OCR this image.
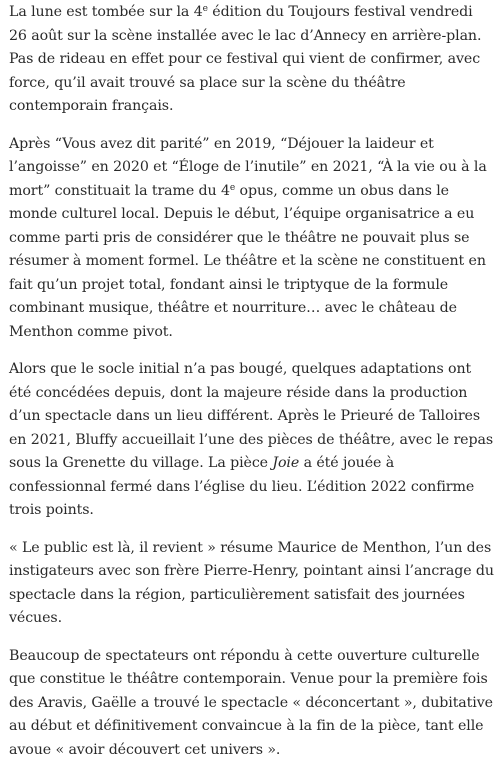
La lune est tombée sur la 4e édition du Toujours festival vendredi 26 août sur la scène installée avec le lac d’Annecy en arrière-plan. Pas de rideau en effet pour ce festival qui vient de confirmer, avec force, qu’il avait trouvé sa place sur la scène du théâtre contemporain français.

Après “Vous avez dit parité” en 2019, “Déjouer la laideur et l’angoisse” en 2020 et “Éloge de l’inutile” en 2021, “À la vie ou à la mort” constituait la trame du 4e opus, comme un obus dans le monde culturel local. Depuis le début, l’équipe organisatrice a eu comme parti pris de considérer que le théâtre ne pouvait plus se résumer à moment formel. Le théâtre et la scène ne constituent en fait qu’un projet total, fondant ainsi le triptyque de la formule combinant musique, théâtre et nourriture… avec le château de Menthon comme pivot.

Alors que le socle initial n’a pas bougé, quelques adaptations ont été concédées depuis, dont la majeure réside dans la production d’un spectacle dans un lieu différent. Après le Prieuré de Talloires en 2021, Bluffy accueillait l’une des pièces de théâtre, avec le repas sous la Grenette du village. La pièce Joie a été jouée à confessionnal fermé dans l’église du lieu. L’édition 2022 confirme trois points.

« Le public est là, il revient » résume Maurice de Menthon, l’un des instigateurs avec son frère Pierre-Henry, pointant ainsi l’ancrage du spectacle dans la région, particulièrement satisfait des journées vécues.

Beaucoup de spectateurs ont répondu à cette ouverture culturelle que constitue le théâtre contemporain. Venue pour la première fois des Aravis, Gaëlle a trouvé le spectacle « déconcertant », dubitative au début et définitivement convaincue à la fin de la pièce, tant elle avoue « avoir découvert cet univers ».
